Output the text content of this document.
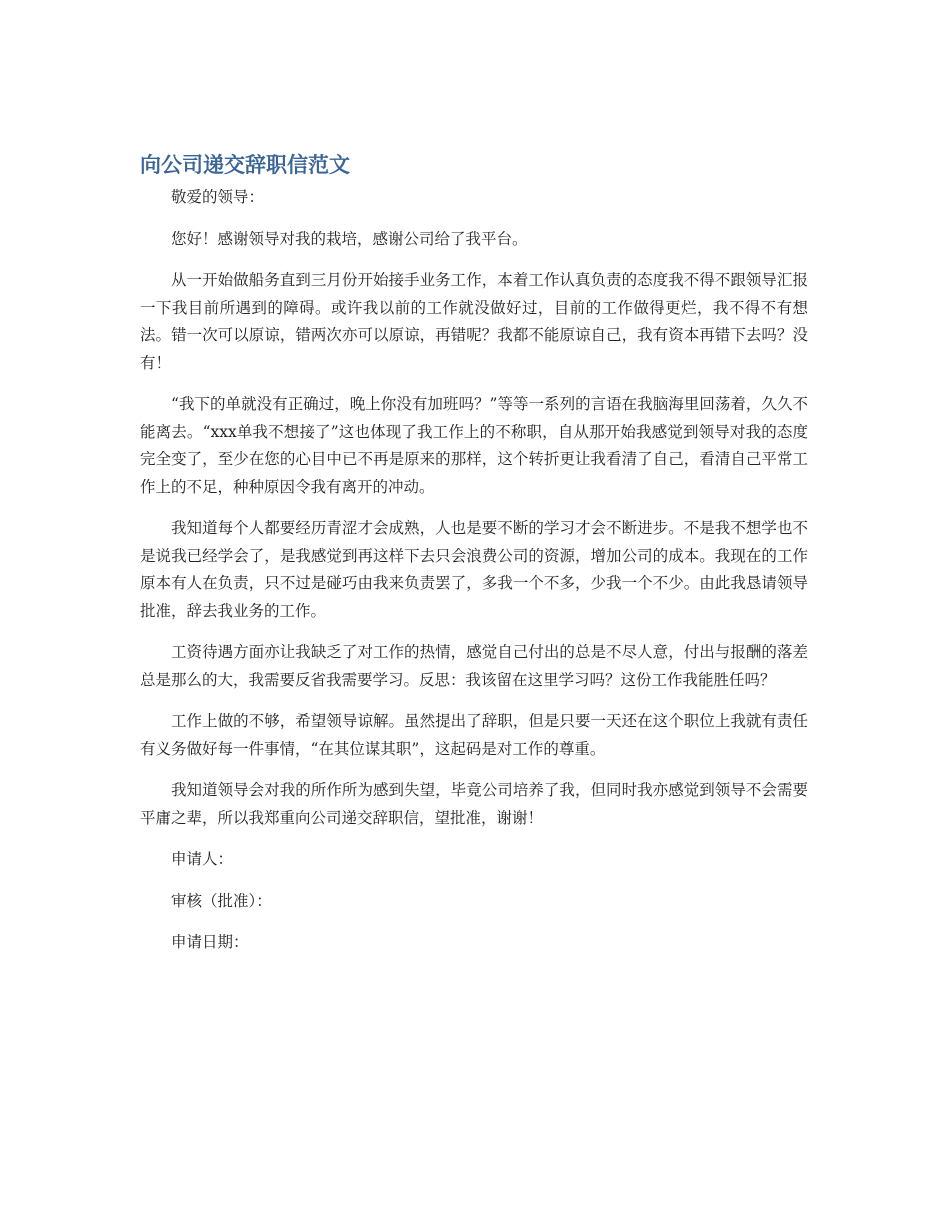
向公司递交辞职信范文

敬爱的领导：

您好！感谢领导对我的栽培，感谢公司给了我平台。

从一开始做船务直到三月份开始接手业务工作，本着工作认真负责的态度我不得不跟领导汇报一下我目前所遇到的障碍。或许我以前的工作就没做好过，目前的工作做得更烂，我不得不有想法。错一次可以原谅，错两次亦可以原谅，再错呢？我都不能原谅自己，我有资本再错下去吗？没有！

“我下的单就没有正确过，晚上你没有加班吗？”等等一系列的言语在我脑海里回荡着，久久不能离去。“xxx单我不想接了”这也体现了我工作上的不称职，自从那开始我感觉到领导对我的态度完全变了，至少在您的心目中已不再是原来的那样，这个转折更让我看清了自己，看清自己平常工作上的不足，种种原因令我有离开的冲动。

我知道每个人都要经历青涩才会成熟，人也是要不断的学习才会不断进步。不是我不想学也不是说我已经学会了，是我感觉到再这样下去只会浪费公司的资源，增加公司的成本。我现在的工作原本有人在负责，只不过是碰巧由我来负责罢了，多我一个不多，少我一个不少。由此我恳请领导批准，辞去我业务的工作。

工资待遇方面亦让我缺乏了对工作的热情，感觉自己付出的总是不尽人意，付出与报酬的落差总是那么的大，我需要反省我需要学习。反思：我该留在这里学习吗？这份工作我能胜任吗？

工作上做的不够，希望领导谅解。虽然提出了辞职，但是只要一天还在这个职位上我就有责任有义务做好每一件事情，“在其位谋其职”，这起码是对工作的尊重。

我知道领导会对我的所作所为感到失望，毕竟公司培养了我，但同时我亦感觉到领导不会需要平庸之辈，所以我郑重向公司递交辞职信，望批准，谢谢！

申请人：

审核（批准）：

申请日期：
